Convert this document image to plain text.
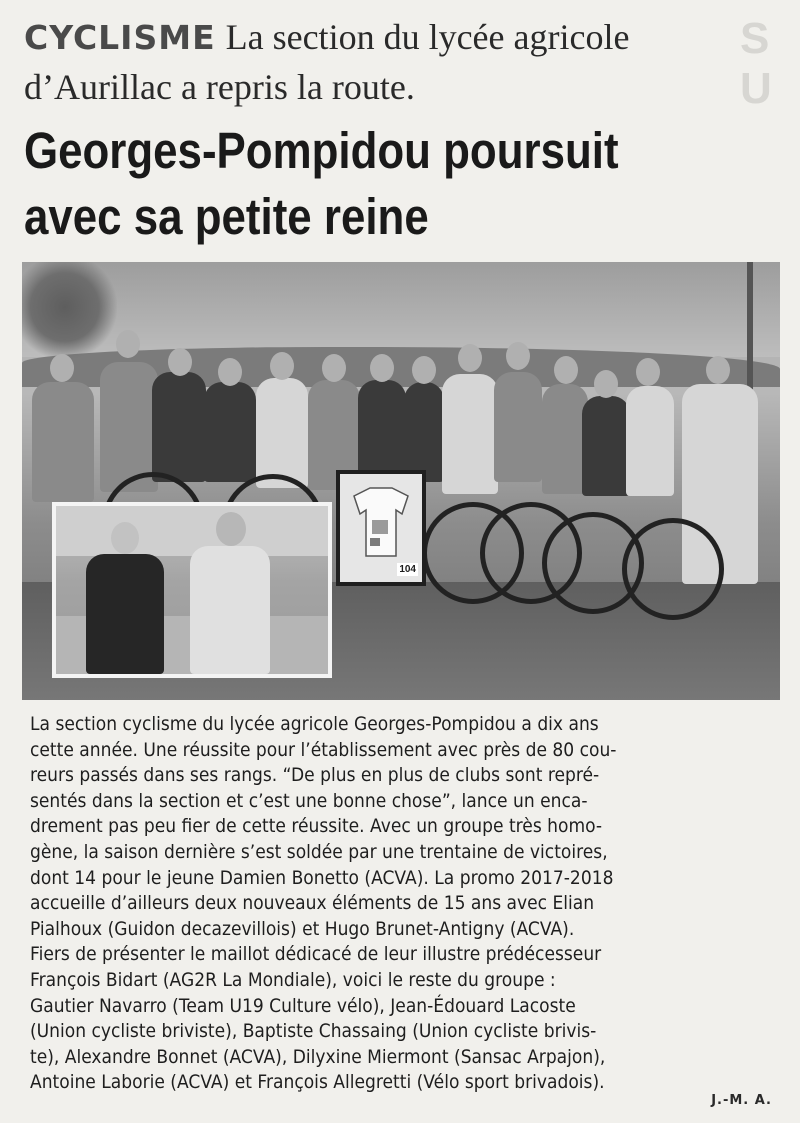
S U
CYCLISME La section du lycée agricole
d’Aurillac a repris la route.
Georges-Pompidou poursuit
avec sa petite reine
104
La section cyclisme du lycée agricole Georges-Pompidou a dix ans
cette année. Une réussite pour l’établissement avec près de 80 cou-
reurs passés dans ses rangs. “De plus en plus de clubs sont repré-
sentés dans la section et c’est une bonne chose”, lance un enca-
drement pas peu fier de cette réussite. Avec un groupe très homo-
gène, la saison dernière s’est soldée par une trentaine de victoires,
dont 14 pour le jeune Damien Bonetto (ACVA). La promo 2017-2018
accueille d’ailleurs deux nouveaux éléments de 15 ans avec Elian
Pialhoux (Guidon decazevillois) et Hugo Brunet-Antigny (ACVA).
Fiers de présenter le maillot dédicacé de leur illustre prédécesseur
François Bidart (AG2R La Mondiale), voici le reste du groupe :
Gautier Navarro (Team U19 Culture vélo), Jean-Édouard Lacoste
(Union cycliste briviste), Baptiste Chassaing (Union cycliste brivis-
te), Alexandre Bonnet (ACVA), Dilyxine Miermont (Sansac Arpajon),
Antoine Laborie (ACVA) et François Allegretti (Vélo sport brivadois).
J.-M. A.
